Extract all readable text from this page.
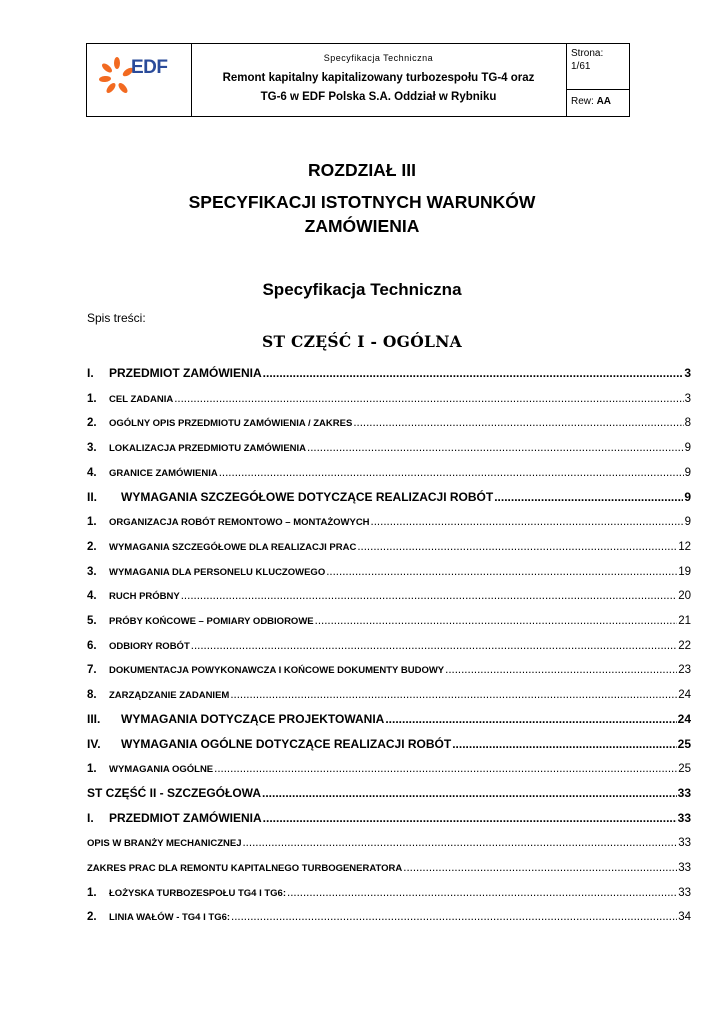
EDF	Specyfikacja Techniczna
Remont kapitalny kapitalizowany turbozespołu TG-4 oraz
TG-6 w EDF Polska S.A. Oddział w Rybniku
Strona:
1/61
Rew: AA
ROZDZIAŁ III
SPECYFIKACJI ISTOTNYCH WARUNKÓW
ZAMÓWIENIA
Specyfikacja Techniczna
Spis treści:
ST CZĘŚĆ I - OGÓLNA
I.	PRZEDMIOT ZAMÓWIENIA .....	3
1.	CEL ZADANIA .....	3
2.	OGÓLNY OPIS PRZEDMIOTU ZAMÓWIENIA / ZAKRES .....	8
3.	LOKALIZACJA PRZEDMIOTU ZAMÓWIENIA .....	9
4.	GRANICE ZAMÓWIENIA .....	9
II.	WYMAGANIA SZCZEGÓŁOWE DOTYCZĄCE REALIZACJI ROBÓT .....	9
1.	ORGANIZACJA ROBÓT REMONTOWO – MONTAŻOWYCH .....	9
2.	WYMAGANIA SZCZEGÓŁOWE DLA REALIZACJI PRAC .....	12
3.	WYMAGANIA DLA PERSONELU KLUCZOWEGO .....	19
4.	RUCH PRÓBNY .....	20
5.	PRÓBY KOŃCOWE – POMIARY ODBIOROWE .....	21
6.	ODBIORY ROBÓT .....	22
7.	DOKUMENTACJA POWYKONAWCZA I KOŃCOWE DOKUMENTY BUDOWY .....	23
8.	ZARZĄDZANIE ZADANIEM .....	24
III.	WYMAGANIA DOTYCZĄCE PROJEKTOWANIA .....	24
IV.	WYMAGANIA OGÓLNE DOTYCZĄCE REALIZACJI ROBÓT .....	25
1.	WYMAGANIA OGÓLNE .....	25
ST CZĘŚĆ II - SZCZEGÓŁOWA .....	33
I.	PRZEDMIOT ZAMÓWIENIA .....	33
OPIS W BRANŻY MECHANICZNEJ .....	33
ZAKRES PRAC DLA REMONTU KAPITALNEGO TURBOGENERATORA .....	33
1.	ŁOŻYSKA TURBOZESPOŁU TG4 I TG6: .....	33
2.	LINIA WAŁÓW - TG4 I TG6: .....	34
